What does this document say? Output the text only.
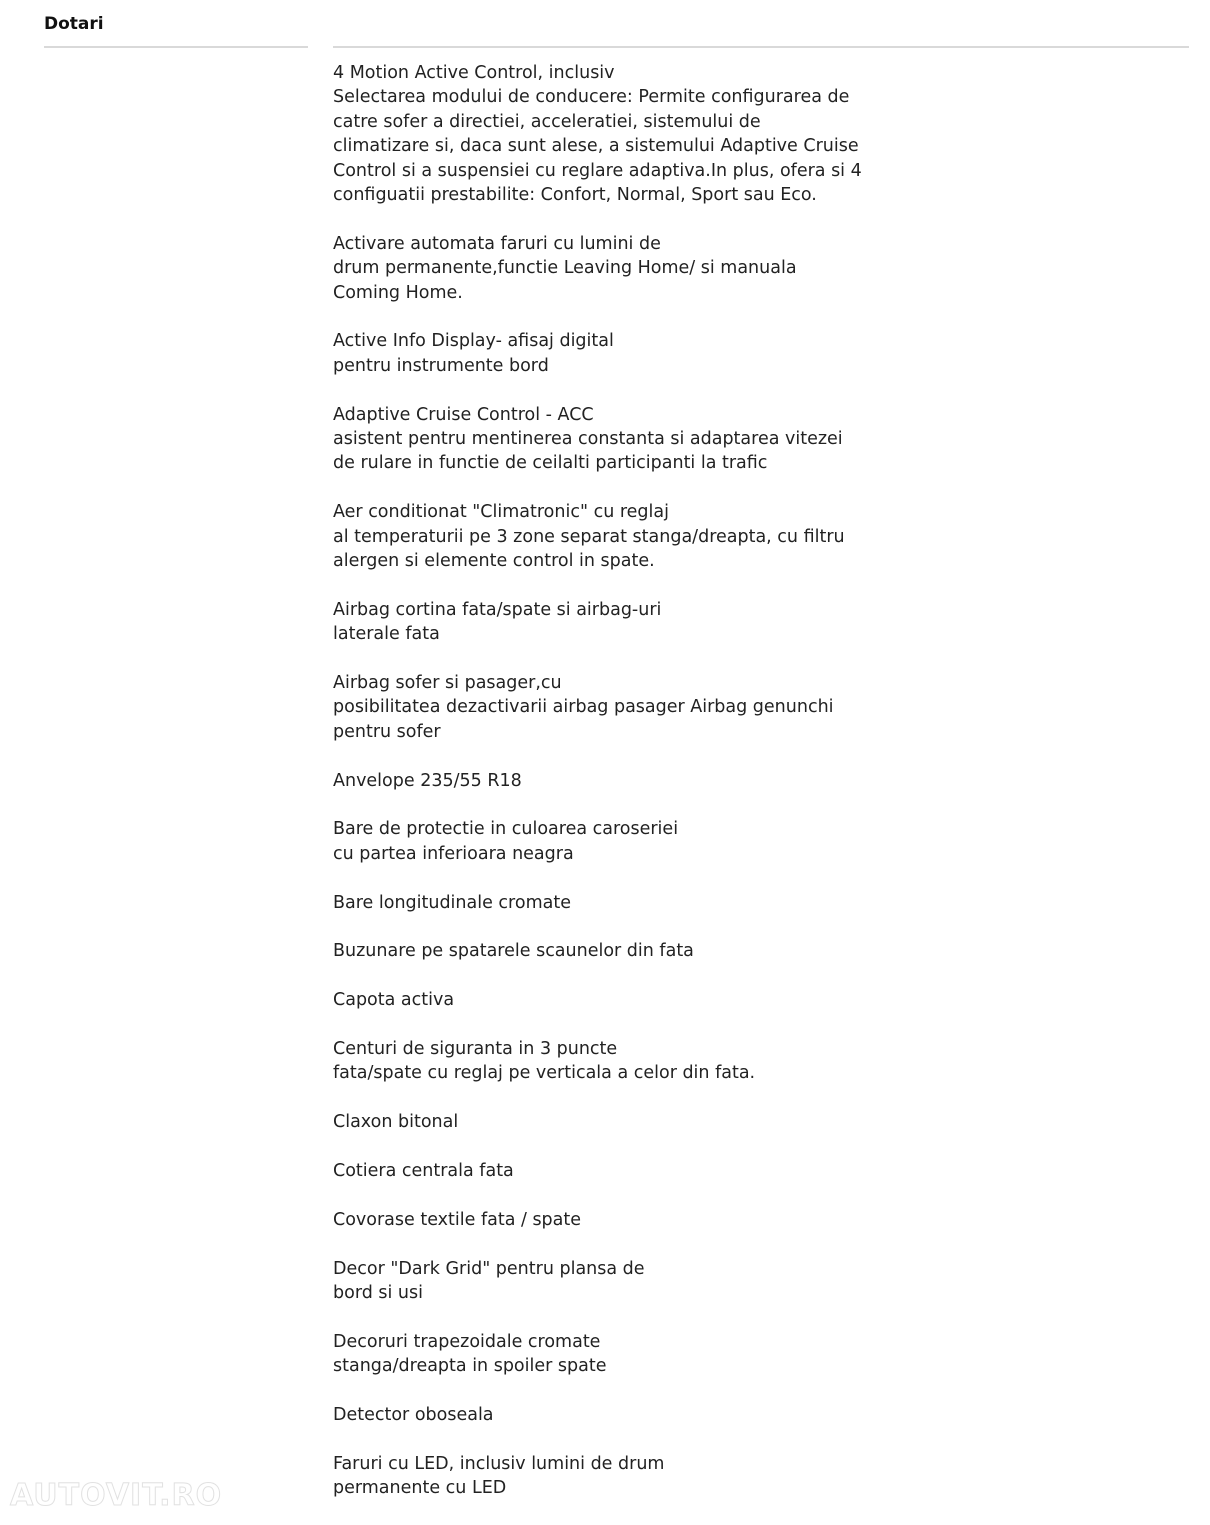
Dotari
4 Motion Active Control, inclusiv
Selectarea modului de conducere: Permite configurarea de
catre sofer a directiei, acceleratiei, sistemului de
climatizare si, daca sunt alese, a sistemului Adaptive Cruise
Control si a suspensiei cu reglare adaptiva.In plus, ofera si 4
configuatii prestabilite: Confort, Normal, Sport sau Eco.
Activare automata faruri cu lumini de
drum permanente,functie Leaving Home/ si manuala
Coming Home.
Active Info Display- afisaj digital
pentru instrumente bord
Adaptive Cruise Control - ACC
asistent pentru mentinerea constanta si adaptarea vitezei
de rulare in functie de ceilalti participanti la trafic
Aer conditionat "Climatronic" cu reglaj
al temperaturii pe 3 zone separat stanga/dreapta, cu filtru
alergen si elemente control in spate.
Airbag cortina fata/spate si airbag-uri
laterale fata
Airbag sofer si pasager,cu
posibilitatea dezactivarii airbag pasager Airbag genunchi
pentru sofer
Anvelope 235/55 R18
Bare de protectie in culoarea caroseriei
cu partea inferioara neagra
Bare longitudinale cromate
Buzunare pe spatarele scaunelor din fata
Capota activa
Centuri de siguranta in 3 puncte
fata/spate cu reglaj pe verticala a celor din fata.
Claxon bitonal
Cotiera centrala fata
Covorase textile fata / spate
Decor "Dark Grid" pentru plansa de
bord si usi
Decoruri trapezoidale cromate
stanga/dreapta in spoiler spate
Detector oboseala
Faruri cu LED, inclusiv lumini de drum
permanente cu LED
AUTOVIT.RO
